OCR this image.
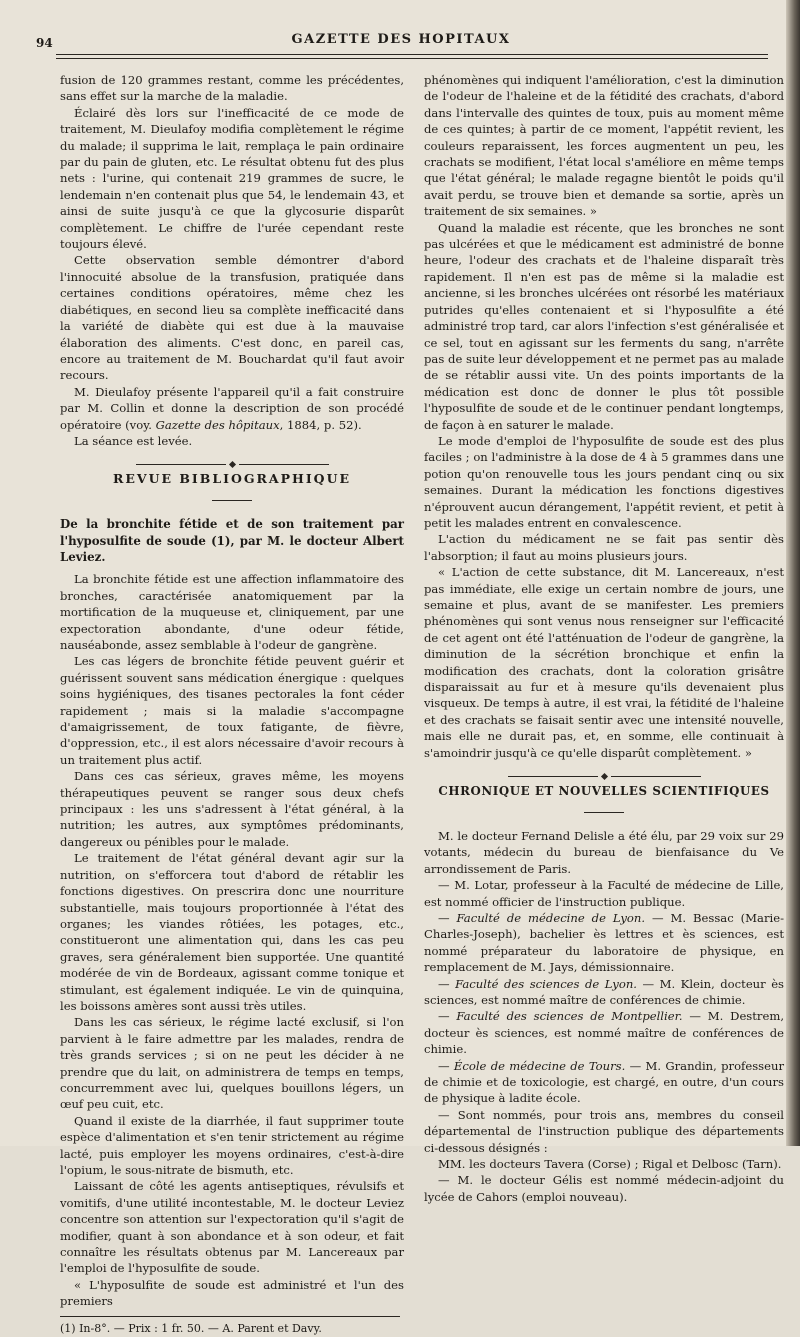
94	GAZETTE DES HOPITAUX

fusion de 120 grammes restant, comme les précédentes, sans effet sur la marche de la maladie.

Éclairé dès lors sur l'inefficacité de ce mode de traitement, M. Dieulafoy modifia complètement le régime du malade; il supprima le lait, remplaça le pain ordinaire par du pain de gluten, etc. Le résultat obtenu fut des plus nets : l'urine, qui contenait 219 grammes de sucre, le lendemain n'en contenait plus que 54, le lendemain 43, et ainsi de suite jusqu'à ce que la glycosurie disparût complètement. Le chiffre de l'urée cependant reste toujours élevé.

Cette observation semble démontrer d'abord l'innocuité absolue de la transfusion, pratiquée dans certaines conditions opératoires, même chez les diabétiques, en second lieu sa complète inefficacité dans la variété de diabète qui est due à la mauvaise élaboration des aliments. C'est donc, en pareil cas, encore au traitement de M. Bouchardat qu'il faut avoir recours.

M. Dieulafoy présente l'appareil qu'il a fait construire par M. Collin et donne la description de son procédé opératoire (voy. Gazette des hôpitaux, 1884, p. 52).

La séance est levée.

REVUE BIBLIOGRAPHIQUE

De la bronchite fétide et de son traitement par l'hyposulfite de soude (1), par M. le docteur Albert Leviez.

La bronchite fétide est une affection inflammatoire des bronches, caractérisée anatomiquement par la mortification de la muqueuse et, cliniquement, par une expectoration abondante, d'une odeur fétide, nauséabonde, assez semblable à l'odeur de gangrène.

Les cas légers de bronchite fétide peuvent guérir et guérissent souvent sans médication énergique : quelques soins hygiéniques, des tisanes pectorales la font céder rapidement ; mais si la maladie s'accompagne d'amaigrissement, de toux fatigante, de fièvre, d'oppression, etc., il est alors nécessaire d'avoir recours à un traitement plus actif.

Dans ces cas sérieux, graves même, les moyens thérapeutiques peuvent se ranger sous deux chefs principaux : les uns s'adressent à l'état général, à la nutrition; les autres, aux symptômes prédominants, dangereux ou pénibles pour le malade.

Le traitement de l'état général devant agir sur la nutrition, on s'efforcera tout d'abord de rétablir les fonctions digestives. On prescrira donc une nourriture substantielle, mais toujours proportionnée à l'état des organes; les viandes rôtiées, les potages, etc., constitueront une alimentation qui, dans les cas peu graves, sera généralement bien supportée. Une quantité modérée de vin de Bordeaux, agissant comme tonique et stimulant, est également indiquée. Le vin de quinquina, les boissons amères sont aussi très utiles.

Dans les cas sérieux, le régime lacté exclusif, si l'on parvient à le faire admettre par les malades, rendra de très grands services ; si on ne peut les décider à ne prendre que du lait, on administrera de temps en temps, concurremment avec lui, quelques bouillons légers, un œuf peu cuit, etc.

Quand il existe de la diarrhée, il faut supprimer toute espèce d'alimentation et s'en tenir strictement au régime lacté, puis employer les moyens ordinaires, c'est-à-dire l'opium, le sous-nitrate de bismuth, etc.

Laissant de côté les agents antiseptiques, révulsifs et vomitifs, d'une utilité incontestable, M. le docteur Leviez concentre son attention sur l'expectoration qu'il s'agit de modifier, quant à son abondance et à son odeur, et fait connaître les résultats obtenus par M. Lancereaux par l'emploi de l'hyposulfite de soude.

« L'hyposulfite de soude est administré et l'un des premiers

(1) In-8°. — Prix : 1 fr. 50. — A. Parent et Davy.

phénomènes qui indiquent l'amélioration, c'est la diminution de l'odeur de l'haleine et de la fétidité des crachats, d'abord dans l'intervalle des quintes de toux, puis au moment même de ces quintes; à partir de ce moment, l'appétit revient, les couleurs reparaissent, les forces augmentent un peu, les crachats se modifient, l'état local s'améliore en même temps que l'état général; le malade regagne bientôt le poids qu'il avait perdu, se trouve bien et demande sa sortie, après un traitement de six semaines. »

Quand la maladie est récente, que les bronches ne sont pas ulcérées et que le médicament est administré de bonne heure, l'odeur des crachats et de l'haleine disparaît très rapidement. Il n'en est pas de même si la maladie est ancienne, si les bronches ulcérées ont résorbé les matériaux putrides qu'elles contenaient et si l'hyposulfite a été administré trop tard, car alors l'infection s'est généralisée et ce sel, tout en agissant sur les ferments du sang, n'arrête pas de suite leur développement et ne permet pas au malade de se rétablir aussi vite. Un des points importants de la médication est donc de donner le plus tôt possible l'hyposulfite de soude et de le continuer pendant longtemps, de façon à en saturer le malade.

Le mode d'emploi de l'hyposulfite de soude est des plus faciles ; on l'administre à la dose de 4 à 5 grammes dans une potion qu'on renouvelle tous les jours pendant cinq ou six semaines. Durant la médication les fonctions digestives n'éprouvent aucun dérangement, l'appétit revient, et petit à petit les malades entrent en convalescence.

L'action du médicament ne se fait pas sentir dès l'absorption; il faut au moins plusieurs jours.

« L'action de cette substance, dit M. Lancereaux, n'est pas immédiate, elle exige un certain nombre de jours, une semaine et plus, avant de se manifester. Les premiers phénomènes qui sont venus nous renseigner sur l'efficacité de cet agent ont été l'atténuation de l'odeur de gangrène, la diminution de la sécrétion bronchique et enfin la modification des crachats, dont la coloration grisâtre disparaissait au fur et à mesure qu'ils devenaient plus visqueux. De temps à autre, il est vrai, la fétidité de l'haleine et des crachats se faisait sentir avec une intensité nouvelle, mais elle ne durait pas, et, en somme, elle continuait à s'amoindrir jusqu'à ce qu'elle disparût complètement. »

CHRONIQUE ET NOUVELLES SCIENTIFIQUES

M. le docteur Fernand Delisle a été élu, par 29 voix sur 29 votants, médecin du bureau de bienfaisance du Ve arrondissement de Paris.

— M. Lotar, professeur à la Faculté de médecine de Lille, est nommé officier de l'instruction publique.

— Faculté de médecine de Lyon. — M. Bessac (Marie-Charles-Joseph), bachelier ès lettres et ès sciences, est nommé préparateur du laboratoire de physique, en remplacement de M. Jays, démissionnaire.

— Faculté des sciences de Lyon. — M. Klein, docteur ès sciences, est nommé maître de conférences de chimie.

— Faculté des sciences de Montpellier. — M. Destrem, docteur ès sciences, est nommé maître de conférences de chimie.

— École de médecine de Tours. — M. Grandin, professeur de chimie et de toxicologie, est chargé, en outre, d'un cours de physique à ladite école.

— Sont nommés, pour trois ans, membres du conseil départemental de l'instruction publique des départements ci-dessous désignés :

MM. les docteurs Tavera (Corse) ; Rigal et Delbosc (Tarn).

— M. le docteur Gélis est nommé médecin-adjoint du lycée de Cahors (emploi nouveau).
